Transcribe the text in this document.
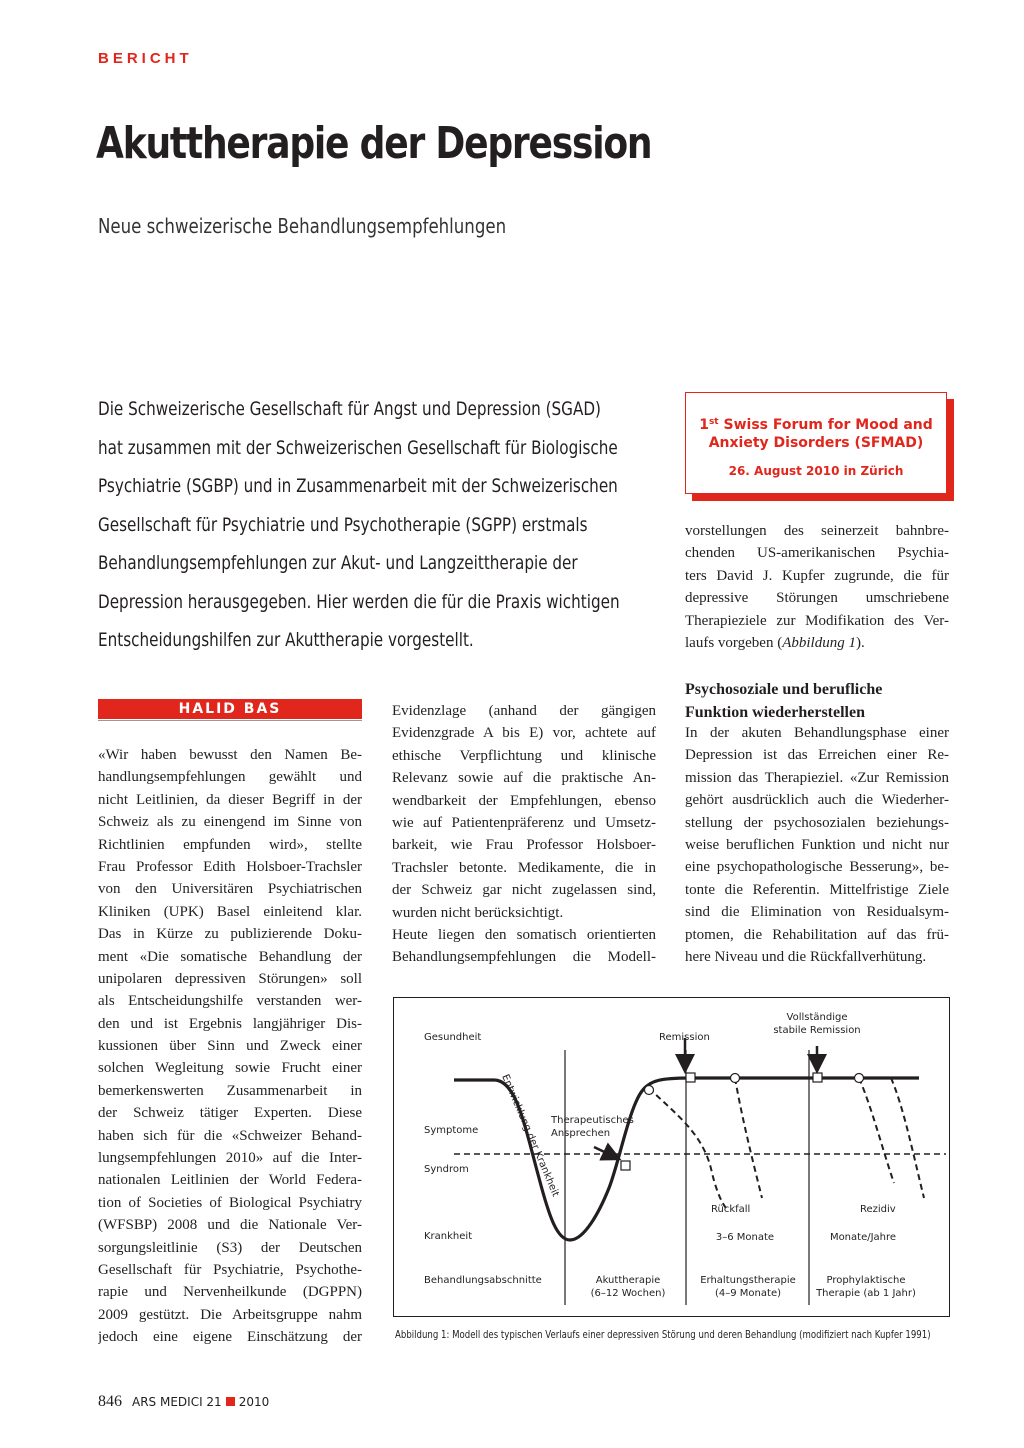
BERICHT
Akuttherapie der Depression
Neue schweizerische Behandlungsempfehlungen
Die Schweizerische Gesellschaft für Angst und Depression (SGAD)
hat zusammen mit der Schweizerischen Gesellschaft für Biologische
Psychiatrie (SGBP) und in Zusammenarbeit mit der Schweizerischen
Gesellschaft für Psychiatrie und Psychotherapie (SGPP) erstmals
Behandlungsempfehlungen zur Akut- und Langzeittherapie der
Depression herausgegeben. Hier werden die für die Praxis wichtigen
Entscheidungshilfen zur Akuttherapie vorgestellt.
1st Swiss Forum for Mood and
Anxiety Disorders (SFMAD)
26. August 2010 in Zürich
HALID BAS
«Wir haben bewusst den Namen Be-
handlungsempfehlungen gewählt und
nicht Leitlinien, da dieser Begriff in der
Schweiz als zu einengend im Sinne von
Richtlinien empfunden wird», stellte
Frau Professor Edith Holsboer-Trachsler
von den Universitären Psychiatrischen
Kliniken (UPK) Basel einleitend klar.
Das in Kürze zu publizierende Doku-
ment «Die somatische Behandlung der
unipolaren depressiven Störungen» soll
als Entscheidungshilfe verstanden wer-
den und ist Ergebnis langjähriger Dis-
kussionen über Sinn und Zweck einer
solchen Wegleitung sowie Frucht einer
bemerkenswerten Zusammenarbeit in
der Schweiz tätiger Experten. Diese
haben sich für die «Schweizer Behand-
lungsempfehlungen 2010» auf die Inter-
nationalen Leitlinien der World Federa-
tion of Societies of Biological Psychiatry
(WFSBP) 2008 und die Nationale Ver-
sorgungsleitlinie (S3) der Deutschen
Gesellschaft für Psychiatrie, Psychothe-
rapie und Nervenheilkunde (DGPPN)
2009 gestützt. Die Arbeitsgruppe nahm
jedoch eine eigene Einschätzung der
Evidenzlage (anhand der gängigen
Evidenzgrade A bis E) vor, achtete auf
ethische Verpflichtung und klinische
Relevanz sowie auf die praktische An-
wendbarkeit der Empfehlungen, ebenso
wie auf Patientenpräferenz und Umsetz-
barkeit, wie Frau Professor Holsboer-
Trachsler betonte. Medikamente, die in
der Schweiz gar nicht zugelassen sind,
wurden nicht berücksichtigt.
Heute liegen den somatisch orientierten
Behandlungsempfehlungen die Modell-
vorstellungen des seinerzeit bahnbre-
chenden US-amerikanischen Psychia-
ters David J. Kupfer zugrunde, die für
depressive Störungen umschriebene
Therapieziele zur Modifikation des Ver-
laufs vorgeben (Abbildung 1).
Psychosoziale und berufliche
Funktion wiederherstellen
In der akuten Behandlungsphase einer
Depression ist das Erreichen einer Re-
mission das Therapieziel. «Zur Remission
gehört ausdrücklich auch die Wiederher-
stellung der psychosozialen beziehungs-
weise beruflichen Funktion und nicht nur
eine psychopathologische Besserung», be-
tonte die Referentin. Mittelfristige Ziele
sind die Elimination von Residualsym-
ptomen, die Rehabilitation auf das frü-
here Niveau und die Rückfallverhütung.
Gesundheit
Symptome
Syndrom
Krankheit
Remission
Vollständige
stabile Remission
Therapeutisches
Ansprechen
Entwicklung der Krankheit
Rückfall	Rezidiv
3–6 Monate	Monate/Jahre
Behandlungsabschnitte	Akuttherapie
(6–12 Wochen)
Erhaltungstherapie
(4–9 Monate)
Prophylaktische
Therapie (ab 1 Jahr)
Abbildung 1: Modell des typischen Verlaufs einer depressiven Störung und deren Behandlung (modifiziert nach Kupfer 1991)
846 ARS MEDICI 21 2010
